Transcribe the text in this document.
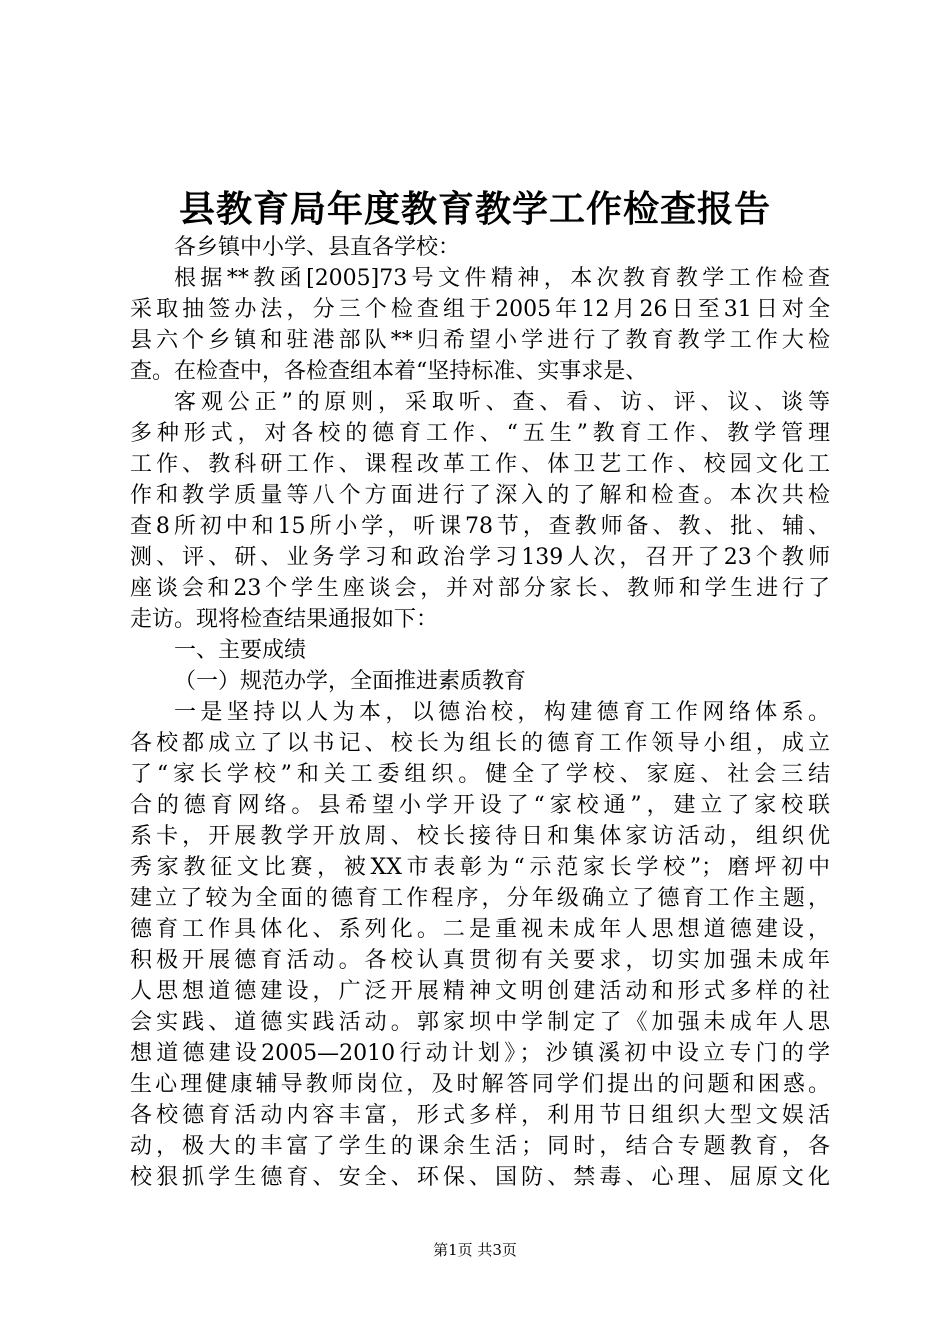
县教育局年度教育教学工作检查报告
各乡镇中小学、县直各学校：
根据**教函[2005]73号文件精神，本次教育教学工作检查
采取抽签办法，分三个检查组于2005年12月26日至31日对全
县六个乡镇和驻港部队**归希望小学进行了教育教学工作大检
查。在检查中，各检查组本着“坚持标准、实事求是、
客观公正”的原则，采取听、查、看、访、评、议、谈等
多种形式，对各校的德育工作、“五生”教育工作、教学管理
工作、教科研工作、课程改革工作、体卫艺工作、校园文化工
作和教学质量等八个方面进行了深入的了解和检查。本次共检
查8所初中和15所小学，听课78节，查教师备、教、批、辅、
测、评、研、业务学习和政治学习139人次，召开了23个教师
座谈会和23个学生座谈会，并对部分家长、教师和学生进行了
走访。现将检查结果通报如下：
一、主要成绩
（一）规范办学，全面推进素质教育
一是坚持以人为本，以德治校，构建德育工作网络体系。
各校都成立了以书记、校长为组长的德育工作领导小组，成立
了“家长学校”和关工委组织。健全了学校、家庭、社会三结
合的德育网络。县希望小学开设了“家校通”，建立了家校联
系卡，开展教学开放周、校长接待日和集体家访活动，组织优
秀家教征文比赛，被XX市表彰为“示范家长学校”；磨坪初中
建立了较为全面的德育工作程序，分年级确立了德育工作主题，
德育工作具体化、系列化。二是重视未成年人思想道德建设，
积极开展德育活动。各校认真贯彻有关要求，切实加强未成年
人思想道德建设，广泛开展精神文明创建活动和形式多样的社
会实践、道德实践活动。郭家坝中学制定了《加强未成年人思
想道德建设2005—2010行动计划》；沙镇溪初中设立专门的学
生心理健康辅导教师岗位，及时解答同学们提出的问题和困惑。
各校德育活动内容丰富，形式多样，利用节日组织大型文娱活
动，极大的丰富了学生的课余生活；同时，结合专题教育，各
校狠抓学生德育、安全、环保、国防、禁毒、心理、屈原文化
第1页 共3页
